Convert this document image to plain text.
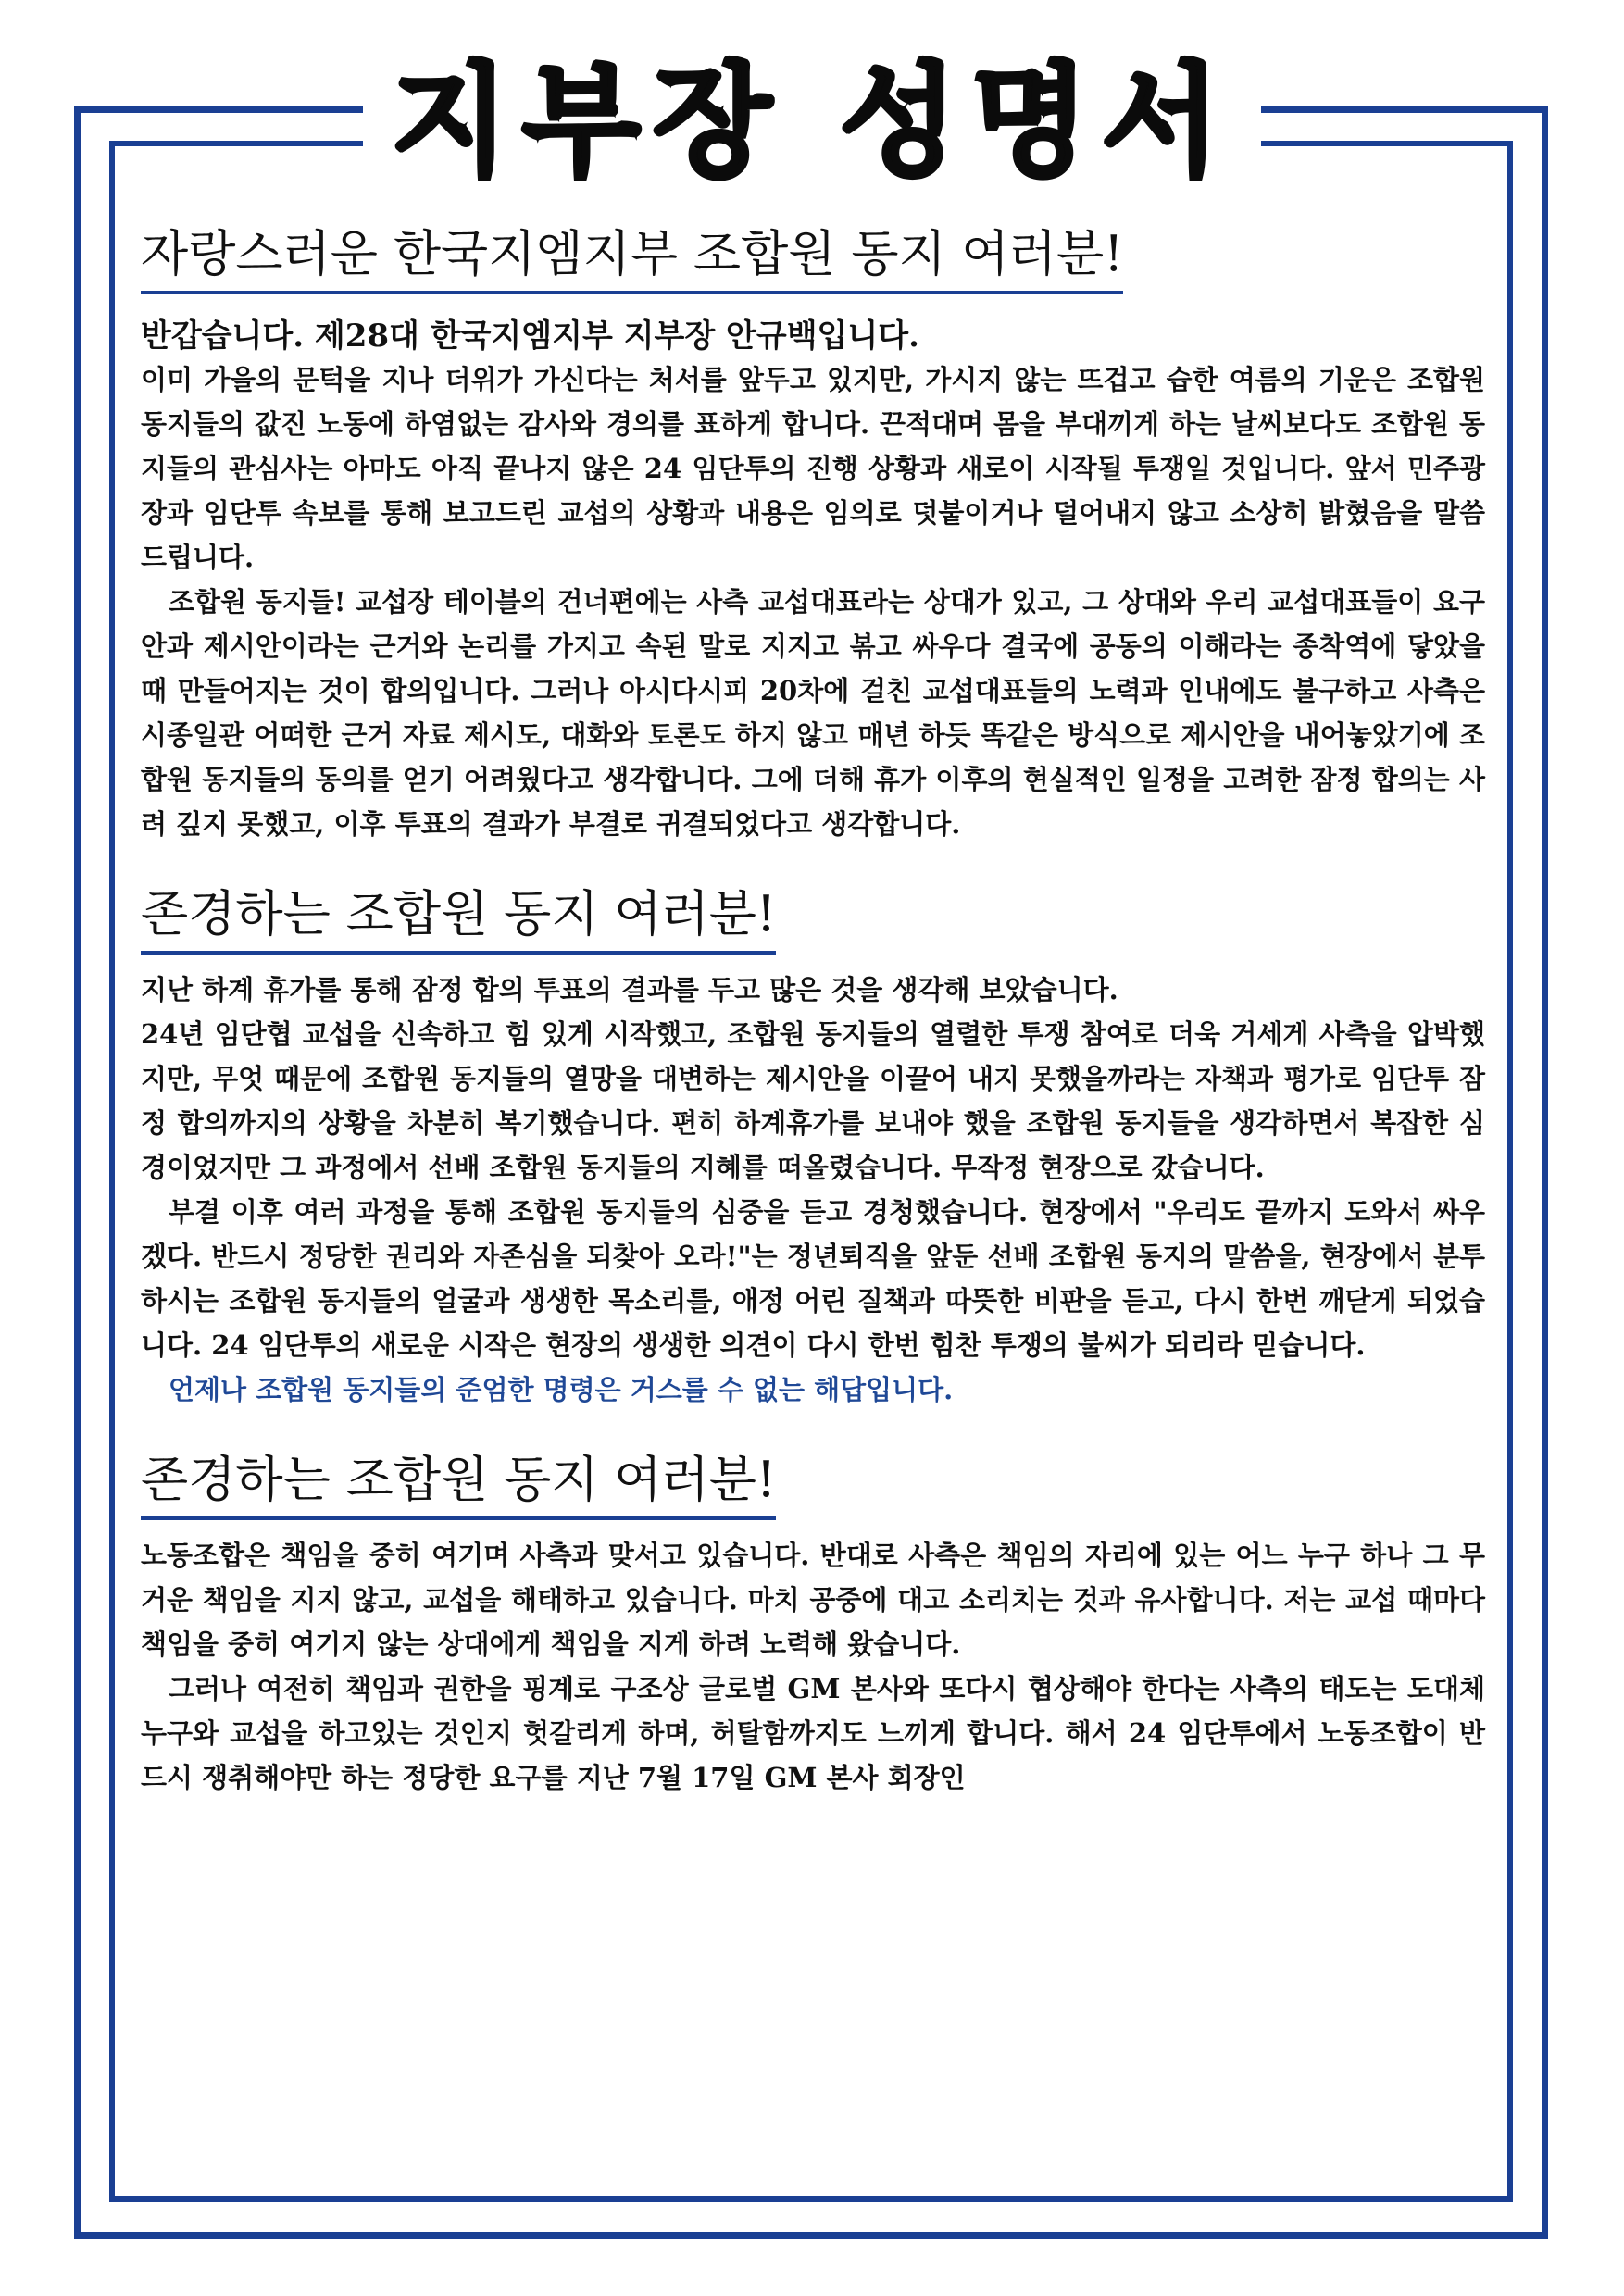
지부장 성명서
자랑스러운 한국지엠지부 조합원 동지 여러분!

반갑습니다. 제28대 한국지엠지부 지부장 안규백입니다.

이미 가을의 문턱을 지나 더위가 가신다는 처서를 앞두고 있지만, 가시지 않는 뜨겁고 습한 여름의 기운은 조합원 동지들의 값진 노동에 하염없는 감사와 경의를 표하게 합니다. 끈적대며 몸을 부대끼게 하는 날씨보다도 조합원 동지들의 관심사는 아마도 아직 끝나지 않은 24 임단투의 진행 상황과 새로이 시작될 투쟁일 것입니다. 앞서 민주광장과 임단투 속보를 통해 보고드린 교섭의 상황과 내용은 임의로 덧붙이거나 덜어내지 않고 소상히 밝혔음을 말씀드립니다.

조합원 동지들! 교섭장 테이블의 건너편에는 사측 교섭대표라는 상대가 있고, 그 상대와 우리 교섭대표들이 요구안과 제시안이라는 근거와 논리를 가지고 속된 말로 지지고 볶고 싸우다 결국에 공동의 이해라는 종착역에 닿았을 때 만들어지는 것이 합의입니다. 그러나 아시다시피 20차에 걸친 교섭대표들의 노력과 인내에도 불구하고 사측은 시종일관 어떠한 근거 자료 제시도, 대화와 토론도 하지 않고 매년 하듯 똑같은 방식으로 제시안을 내어놓았기에 조합원 동지들의 동의를 얻기 어려웠다고 생각합니다. 그에 더해 휴가 이후의 현실적인 일정을 고려한 잠정 합의는 사려 깊지 못했고, 이후 투표의 결과가 부결로 귀결되었다고 생각합니다.

존경하는 조합원 동지 여러분!

지난 하계 휴가를 통해 잠정 합의 투표의 결과를 두고 많은 것을 생각해 보았습니다.

24년 임단협 교섭을 신속하고 힘 있게 시작했고, 조합원 동지들의 열렬한 투쟁 참여로 더욱 거세게 사측을 압박했지만, 무엇 때문에 조합원 동지들의 열망을 대변하는 제시안을 이끌어 내지 못했을까라는 자책과 평가로 임단투 잠정 합의까지의 상황을 차분히 복기했습니다. 편히 하계휴가를 보내야 했을 조합원 동지들을 생각하면서 복잡한 심경이었지만 그 과정에서 선배 조합원 동지들의 지혜를 떠올렸습니다. 무작정 현장으로 갔습니다.

부결 이후 여러 과정을 통해 조합원 동지들의 심중을 듣고 경청했습니다. 현장에서 "우리도 끝까지 도와서 싸우겠다. 반드시 정당한 권리와 자존심을 되찾아 오라!"는 정년퇴직을 앞둔 선배 조합원 동지의 말씀을, 현장에서 분투하시는 조합원 동지들의 얼굴과 생생한 목소리를, 애정 어린 질책과 따뜻한 비판을 듣고, 다시 한번 깨닫게 되었습니다. 24 임단투의 새로운 시작은 현장의 생생한 의견이 다시 한번 힘찬 투쟁의 불씨가 되리라 믿습니다.

언제나 조합원 동지들의 준엄한 명령은 거스를 수 없는 해답입니다.

존경하는 조합원 동지 여러분!

노동조합은 책임을 중히 여기며 사측과 맞서고 있습니다. 반대로 사측은 책임의 자리에 있는 어느 누구 하나 그 무거운 책임을 지지 않고, 교섭을 해태하고 있습니다. 마치 공중에 대고 소리치는 것과 유사합니다. 저는 교섭 때마다 책임을 중히 여기지 않는 상대에게 책임을 지게 하려 노력해 왔습니다.

그러나 여전히 책임과 권한을 핑계로 구조상 글로벌 GM 본사와 또다시 협상해야 한다는 사측의 태도는 도대체 누구와 교섭을 하고있는 것인지 헛갈리게 하며, 허탈함까지도 느끼게 합니다. 해서 24 임단투에서 노동조합이 반드시 쟁취해야만 하는 정당한 요구를 지난 7월 17일 GM 본사 회장인
